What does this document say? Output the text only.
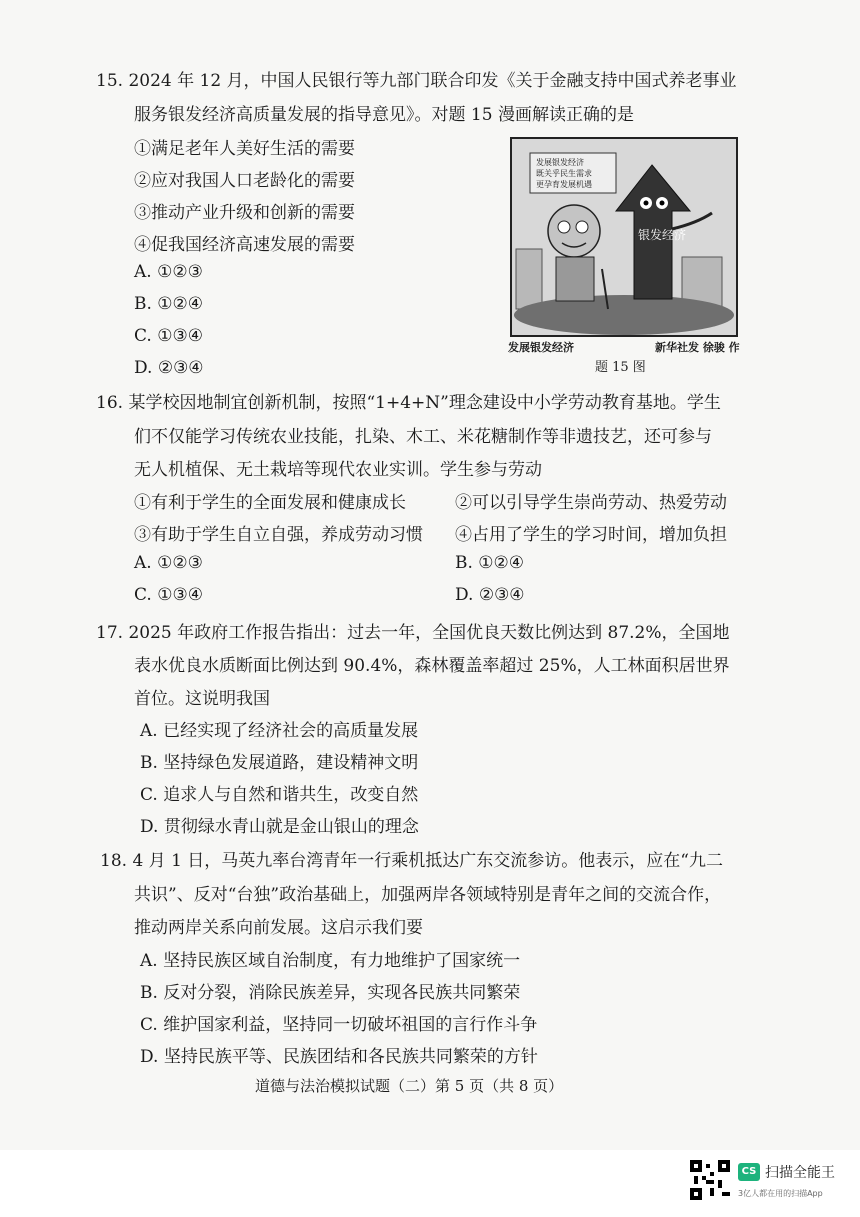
15. 2024 年 12 月，中国人民银行等九部门联合印发《关于金融支持中国式养老事业
服务银发经济高质量发展的指导意见》。对题 15 漫画解读正确的是
①满足老年人美好生活的需要
②应对我国人口老龄化的需要
③推动产业升级和创新的需要
④促我国经济高速发展的需要
A. ①②③
B. ①②④
C. ①③④
D. ②③④
发展银发经济
既关乎民生需求
更孕育发展机遇
银发经济
发展银发经济	新华社发 徐骏 作
题 15 图
16. 某学校因地制宜创新机制，按照“1+4+N”理念建设中小学劳动教育基地。学生
们不仅能学习传统农业技能，扎染、木工、米花糖制作等非遗技艺，还可参与
无人机植保、无土栽培等现代农业实训。学生参与劳动
①有利于学生的全面发展和健康成长	②可以引导学生崇尚劳动、热爱劳动
③有助于学生自立自强，养成劳动习惯 ④占用了学生的学习时间，增加负担
A. ①②③	B. ①②④
C. ①③④	D. ②③④
17. 2025 年政府工作报告指出：过去一年，全国优良天数比例达到 87.2%，全国地
表水优良水质断面比例达到 90.4%，森林覆盖率超过 25%，人工林面积居世界
首位。这说明我国
A. 已经实现了经济社会的高质量发展
B. 坚持绿色发展道路，建设精神文明
C. 追求人与自然和谐共生，改变自然
D. 贯彻绿水青山就是金山银山的理念
18. 4 月 1 日，马英九率台湾青年一行乘机抵达广东交流参访。他表示，应在“九二
共识”、反对“台独”政治基础上，加强两岸各领域特别是青年之间的交流合作，
推动两岸关系向前发展。这启示我们要
A. 坚持民族区域自治制度，有力地维护了国家统一
B. 反对分裂，消除民族差异，实现各民族共同繁荣
C. 维护国家利益，坚持同一切破坏祖国的言行作斗争
D. 坚持民族平等、民族团结和各民族共同繁荣的方针
道德与法治模拟试题（二）第 5 页（共 8 页）
CS 扫描全能王
3亿人都在用的扫描App
